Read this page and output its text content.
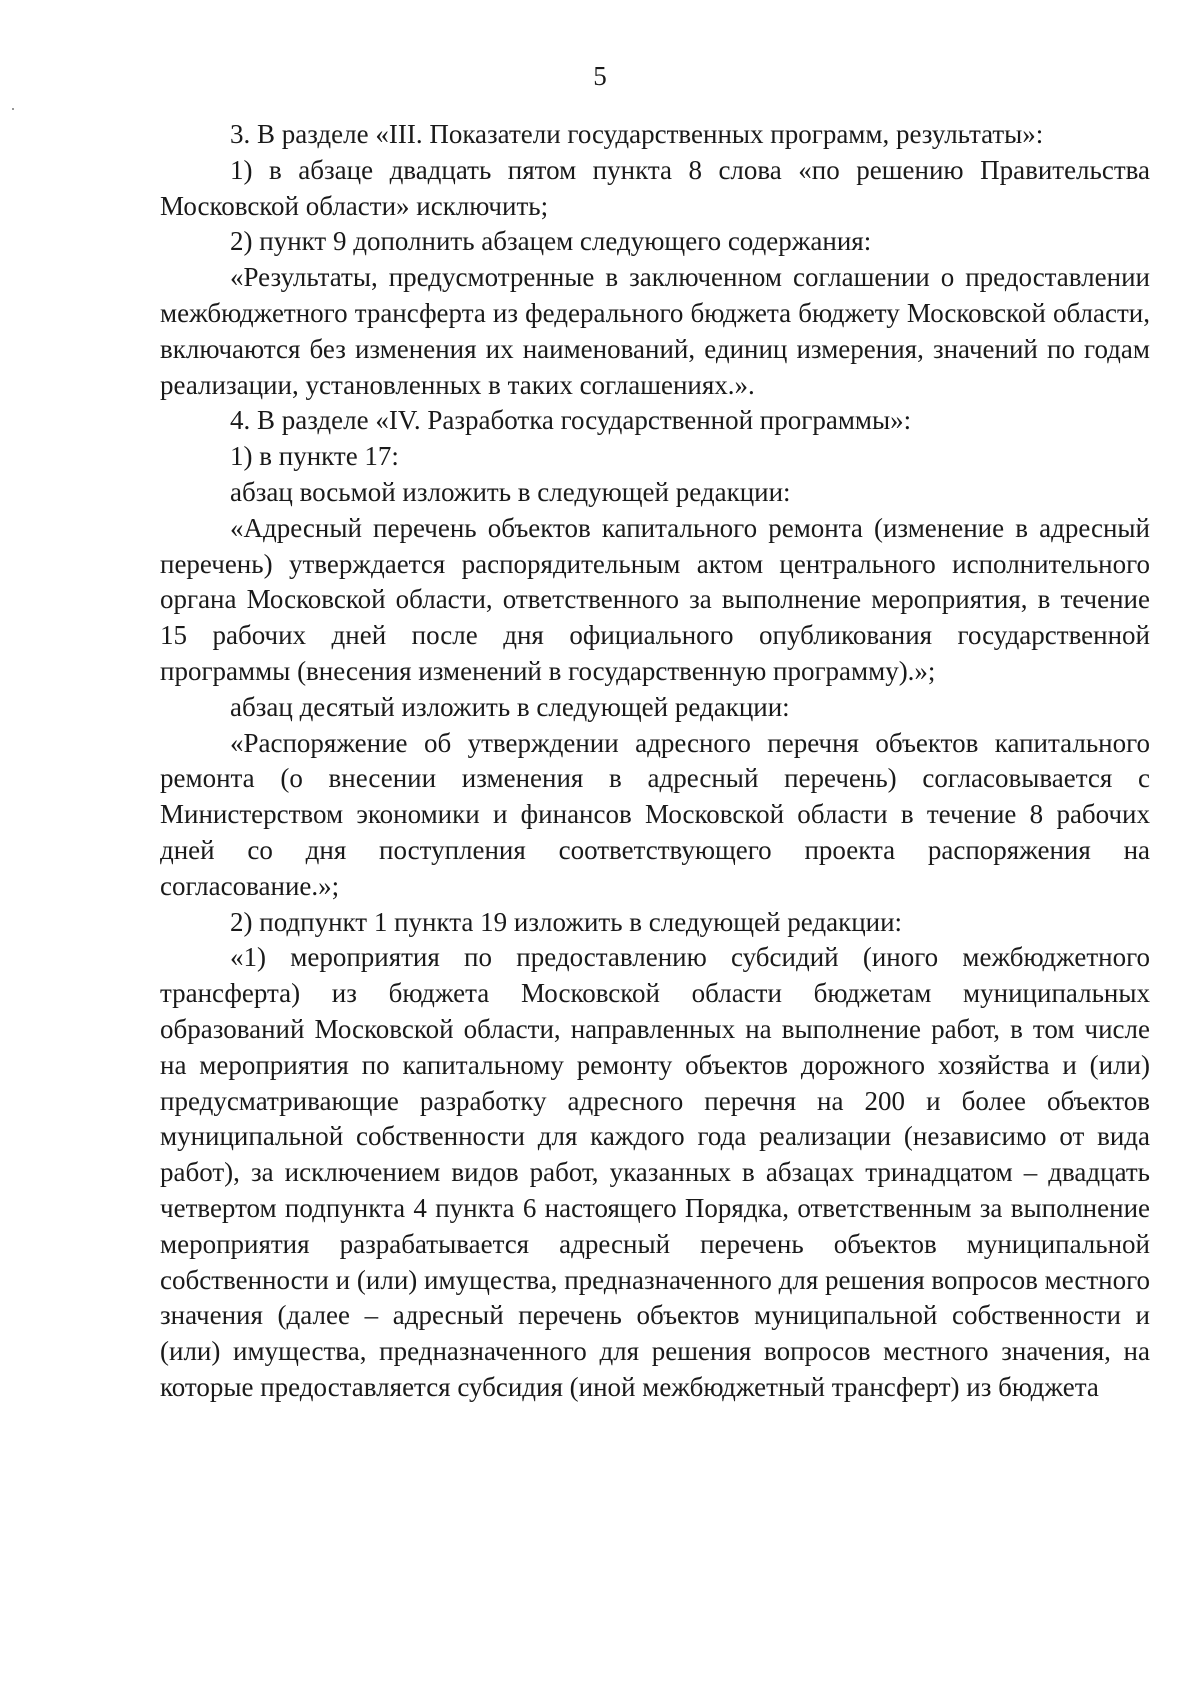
5

3. В разделе «III. Показатели государственных программ, результаты»:

1) в абзаце двадцать пятом пункта 8 слова «по решению Правительства Московской области» исключить;

2) пункт 9 дополнить абзацем следующего содержания:

«Результаты, предусмотренные в заключенном соглашении о предоставлении межбюджетного трансферта из федерального бюджета бюджету Московской области, включаются без изменения их наименований, единиц измерения, значений по годам реализации, установленных в таких соглашениях.».

4. В разделе «IV. Разработка государственной программы»:

1) в пункте 17:

абзац восьмой изложить в следующей редакции:

«Адресный перечень объектов капитального ремонта (изменение в адресный перечень) утверждается распорядительным актом центрального исполнительного органа Московской области, ответственного за выполнение мероприятия, в течение 15 рабочих дней после дня официального опубликования государственной программы (внесения изменений в государственную программу).»;

абзац десятый изложить в следующей редакции:

«Распоряжение об утверждении адресного перечня объектов капитального ремонта (о внесении изменения в адресный перечень) согласовывается с Министерством экономики и финансов Московской области в течение 8 рабочих дней со дня поступления соответствующего проекта распоряжения на согласование.»;

2) подпункт 1 пункта 19 изложить в следующей редакции:

«1) мероприятия по предоставлению субсидий (иного межбюджетного трансферта) из бюджета Московской области бюджетам муниципальных образований Московской области, направленных на выполнение работ, в том числе на мероприятия по капитальному ремонту объектов дорожного хозяйства и (или) предусматривающие разработку адресного перечня на 200 и более объектов муниципальной собственности для каждого года реализации (независимо от вида работ), за исключением видов работ, указанных в абзацах тринадцатом – двадцать четвертом подпункта 4 пункта 6 настоящего Порядка, ответственным за выполнение мероприятия разрабатывается адресный перечень объектов муниципальной собственности и (или) имущества, предназначенного для решения вопросов местного значения (далее – адресный перечень объектов муниципальной собственности и (или) имущества, предназначенного для решения вопросов местного значения, на которые предоставляется субсидия (иной межбюджетный трансферт) из бюджета
